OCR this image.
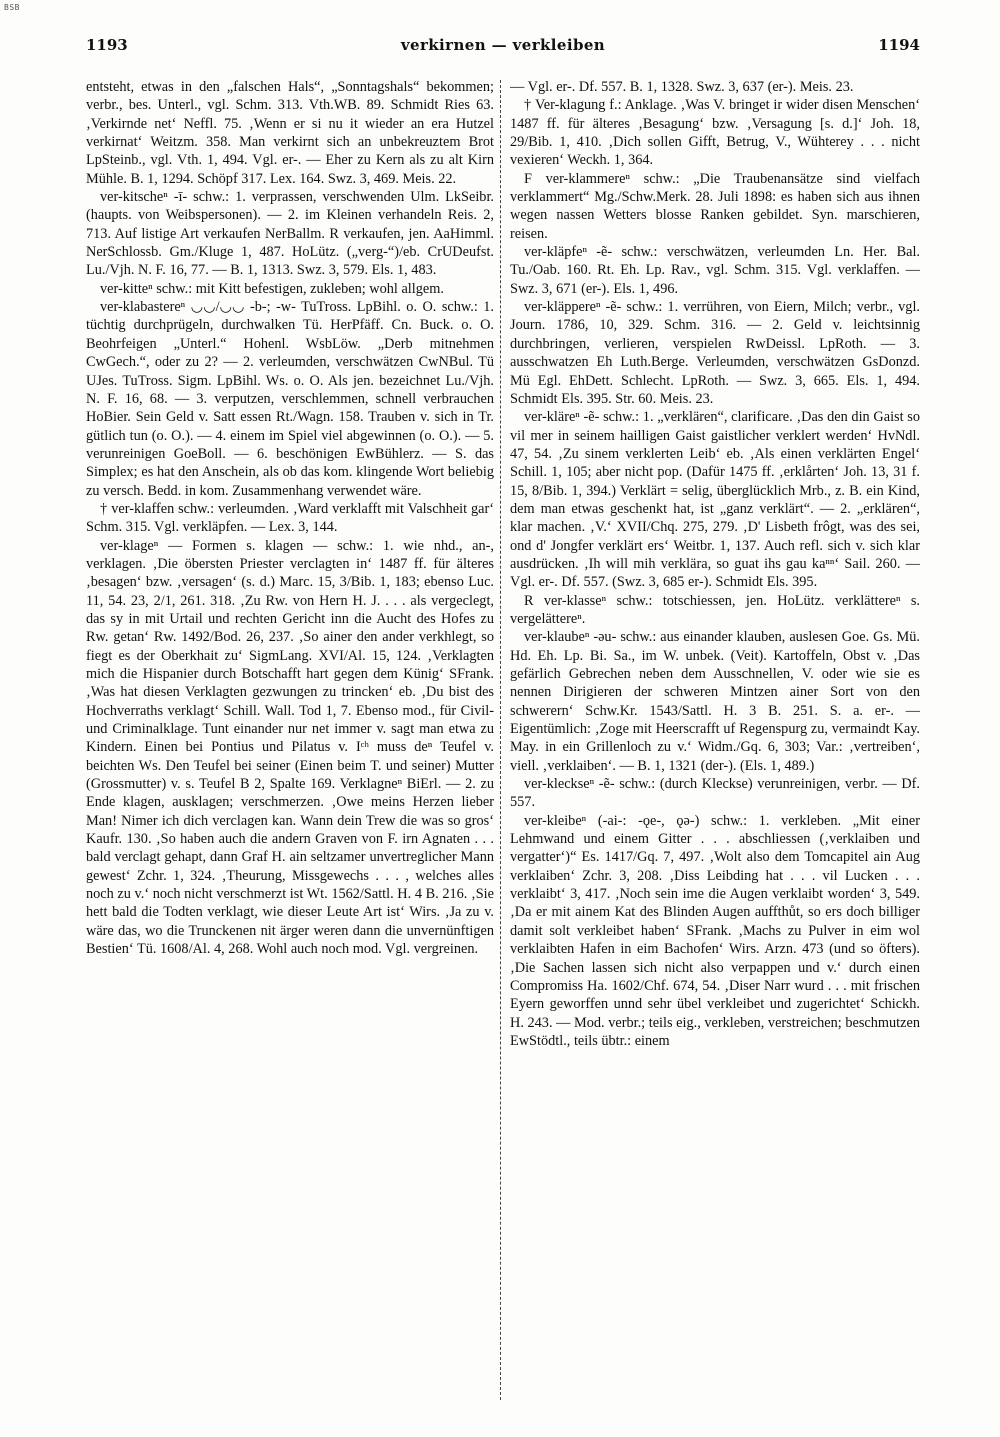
BSB
1193	verkirnen — verkleiben	1194

entsteht, etwas in den „falschen Hals“, „Sonntagshals“ bekommen; verbr., bes. Unterl., vgl. Schm. 313. Vth.WB. 89. Schmidt Ries 63. ‚Verkirnde net‘ Neffl. 75. ‚Wenn er si nu it wieder an era Hutzel verkirnat‘ Weitzm. 358. Man verkirnt sich an unbekreuztem Brot LpSteinb., vgl. Vth. 1, 494. Vgl. er-. — Eher zu Kern als zu alt Kirn Mühle. B. 1, 1294. Schöpf 317. Lex. 164. Swz. 3, 469. Meis. 22.

ver-kitscheⁿ -ī- schw.: 1. verprassen, verschwenden Ulm. LkSeibr. (haupts. von Weibspersonen). — 2. im Kleinen verhandeln Reis. 2, 713. Auf listige Art verkaufen NerBallm. R verkaufen, jen. AaHimml. NerSchlossb. Gm./Kluge 1, 487. HoLütz. („verg-“)/eb. CrUDeufst. Lu./Vjh. N. F. 16, 77. — B. 1, 1313. Swz. 3, 579. Els. 1, 483.

ver-kitteⁿ schw.: mit Kitt befestigen, zukleben; wohl allgem.

ver-klabastereⁿ ◡◡/◡◡ -b-; -w- TuTross. LpBihl. o. O. schw.: 1. tüchtig durchprügeln, durchwalken Tü. HerPfäff. Cn. Buck. o. O. Beohrfeigen „Unterl.“ Hohenl. WsbLöw. „Derb mitnehmen CwGech.“, oder zu 2? — 2. verleumden, verschwätzen CwNBul. Tü UJes. TuTross. Sigm. LpBihl. Ws. o. O. Als jen. bezeichnet Lu./Vjh. N. F. 16, 68. — 3. verputzen, verschlemmen, schnell verbrauchen HoBier. Sein Geld v. Satt essen Rt./Wagn. 158. Trauben v. sich in Tr. gütlich tun (o. O.). — 4. einem im Spiel viel abgewinnen (o. O.). — 5. verunreinigen GoeBoll. — 6. beschönigen EwBühlerz. — S. das Simplex; es hat den Anschein, als ob das kom. klingende Wort beliebig zu versch. Bedd. in kom. Zusammenhang verwendet wäre.

† ver-klaffen schw.: verleumden. ‚Ward verklafft mit Valschheit gar‘ Schm. 315. Vgl. verkläpfen. — Lex. 3, 144.

ver-klageⁿ — Formen s. klagen — schw.: 1. wie nhd., an-, verklagen. ‚Die öbersten Priester verclagten in‘ 1487 ff. für älteres ‚besagen‘ bzw. ‚versagen‘ (s. d.) Marc. 15, 3/Bib. 1, 183; ebenso Luc. 11, 54. 23, 2/1, 261. 318. ‚Zu Rw. von Hern H. J. . . . als vergeclegt, das sy in mit Urtail und rechten Gericht inn die Aucht des Hofes zu Rw. getan‘ Rw. 1492/Bod. 26, 237. ‚So ainer den ander verkhlegt, so fiegt es der Oberkhait zu‘ SigmLang. XVI/Al. 15, 124. ‚Verklagten mich die Hispanier durch Botschafft hart gegen dem Künig‘ SFrank. ‚Was hat diesen Verklagten gezwungen zu trincken‘ eb. ‚Du bist des Hochverraths verklagt‘ Schill. Wall. Tod 1, 7. Ebenso mod., für Civil- und Criminalklage. Tunt einander nur net immer v. sagt man etwa zu Kindern. Einen bei Pontius und Pilatus v. Iᶜʰ muss deⁿ Teufel v. beichten Ws. Den Teufel bei seiner (Einen beim T. und seiner) Mutter (Grossmutter) v. s. Teufel B 2, Spalte 169. Verklagneⁿ BiErl. — 2. zu Ende klagen, ausklagen; verschmerzen. ‚Owe meins Herzen lieber Man! Nimer ich dich verclagen kan. Wann dein Trew die was so gros‘ Kaufr. 130. ‚So haben auch die andern Graven von F. irn Agnaten . . . bald verclagt gehapt, dann Graf H. ain seltzamer unvertreglicher Mann gewest‘ Zchr. 1, 324. ‚Theurung, Missgewechs . . . , welches alles noch zu v.‘ noch nicht verschmerzt ist Wt. 1562/Sattl. H. 4 B. 216. ‚Sie hett bald die Todten verklagt, wie dieser Leute Art ist‘ Wirs. ‚Ja zu v. wäre das, wo die Trunckenen nit ärger weren dann die unvernünftigen Bestien‘ Tü. 1608/Al. 4, 268. Wohl auch noch mod. Vgl. vergreinen.

— Vgl. er-. Df. 557. B. 1, 1328. Swz. 3, 637 (er-). Meis. 23.

† Ver-klagung f.: Anklage. ‚Was V. bringet ir wider disen Menschen‘ 1487 ff. für älteres ‚Besagung‘ bzw. ‚Versagung [s. d.]‘ Joh. 18, 29/Bib. 1, 410. ‚Dich sollen Gifft, Betrug, V., Wühterey . . . nicht vexieren‘ Weckh. 1, 364.

F ver-klammereⁿ schw.: „Die Traubenansätze sind vielfach verklammert“ Mg./Schw.Merk. 28. Juli 1898: es haben sich aus ihnen wegen nassen Wetters blosse Ranken gebildet. Syn. marschieren, reisen.

ver-kläpfeⁿ -ẽ- schw.: verschwätzen, verleumden Ln. Her. Bal. Tu./Oab. 160. Rt. Eh. Lp. Rav., vgl. Schm. 315. Vgl. verklaffen. — Swz. 3, 671 (er-). Els. 1, 496.

ver-kläppereⁿ -ẽ- schw.: 1. verrühren, von Eiern, Milch; verbr., vgl. Journ. 1786, 10, 329. Schm. 316. — 2. Geld v. leichtsinnig durchbringen, verlieren, verspielen RwDeissl. LpRoth. — 3. ausschwatzen Eh Luth.Berge. Verleumden, verschwätzen GsDonzd. Mü Egl. EhDett. Schlecht. LpRoth. — Swz. 3, 665. Els. 1, 494. Schmidt Els. 395. Str. 60. Meis. 23.

ver-kläreⁿ -ẽ- schw.: 1. „verklären“, clarificare. ‚Das den din Gaist so vil mer in seinem hailligen Gaist gaistlicher verklert werden‘ HvNdl. 47, 54. ‚Zu sinem verklerten Leib‘ eb. ‚Als einen verklärten Engel‘ Schill. 1, 105; aber nicht pop. (Dafür 1475 ff. ‚erklårten‘ Joh. 13, 31 f. 15, 8/Bib. 1, 394.) Verklärt = selig, überglücklich Mrb., z. B. ein Kind, dem man etwas geschenkt hat, ist „ganz verklärt“. — 2. „erklären“, klar machen. ‚V.‘ XVII/Chq. 275, 279. ‚D' Lisbeth frôgt, was des sei, ond d' Jongfer verklärt ers‘ Weitbr. 1, 137. Auch refl. sich v. sich klar ausdrücken. ‚Ih will mih verklära, so guat ihs gau kaⁿⁿ‘ Sail. 260. — Vgl. er-. Df. 557. (Swz. 3, 685 er-). Schmidt Els. 395.

R ver-klasseⁿ schw.: totschiessen, jen. HoLütz. verklättereⁿ s. vergelättereⁿ.

ver-klaubeⁿ -ǝu- schw.: aus einander klauben, auslesen Goe. Gs. Mü. Hd. Eh. Lp. Bi. Sa., im W. unbek. (Veit). Kartoffeln, Obst v. ‚Das gefärlich Gebrechen neben dem Ausschnellen, V. oder wie sie es nennen Dirigieren der schweren Mintzen ainer Sort von den schwerern‘ Schw.Kr. 1543/Sattl. H. 3 B. 251. S. a. er-. — Eigentümlich: ‚Zoge mit Heerscrafft uf Regenspurg zu, vermaindt Kay. May. in ein Grillenloch zu v.‘ Widm./Gq. 6, 303; Var.: ‚vertreiben‘, viell. ‚verklaiben‘. — B. 1, 1321 (der-). (Els. 1, 489.)

ver-kleckseⁿ -ẽ- schw.: (durch Kleckse) verunreinigen, verbr. — Df. 557.

ver-kleibeⁿ (-ai-: -ǫe-, ǫǝ-) schw.: 1. verkleben. „Mit einer Lehmwand und einem Gitter . . . abschliessen (‚verklaiben und vergatter‘)“ Es. 1417/Gq. 7, 497. ‚Wolt also dem Tomcapitel ain Aug verklaiben‘ Zchr. 3, 208. ‚Diss Leibding hat . . . vil Lucken . . . verklaibt‘ 3, 417. ‚Noch sein ime die Augen verklaibt worden‘ 3, 549. ‚Da er mit ainem Kat des Blinden Augen auffthůt, so ers doch billiger damit solt verkleibet haben‘ SFrank. ‚Machs zu Pulver in eim wol verklaibten Hafen in eim Bachofen‘ Wirs. Arzn. 473 (und so öfters). ‚Die Sachen lassen sich nicht also verpappen und v.‘ durch einen Compromiss Ha. 1602/Chf. 674, 54. ‚Diser Narr wurd . . . mit frischen Eyern geworffen unnd sehr übel verkleibet und zugerichtet‘ Schickh. H. 243. — Mod. verbr.; teils eig., verkleben, verstreichen; beschmutzen EwStödtl., teils übtr.: einem
